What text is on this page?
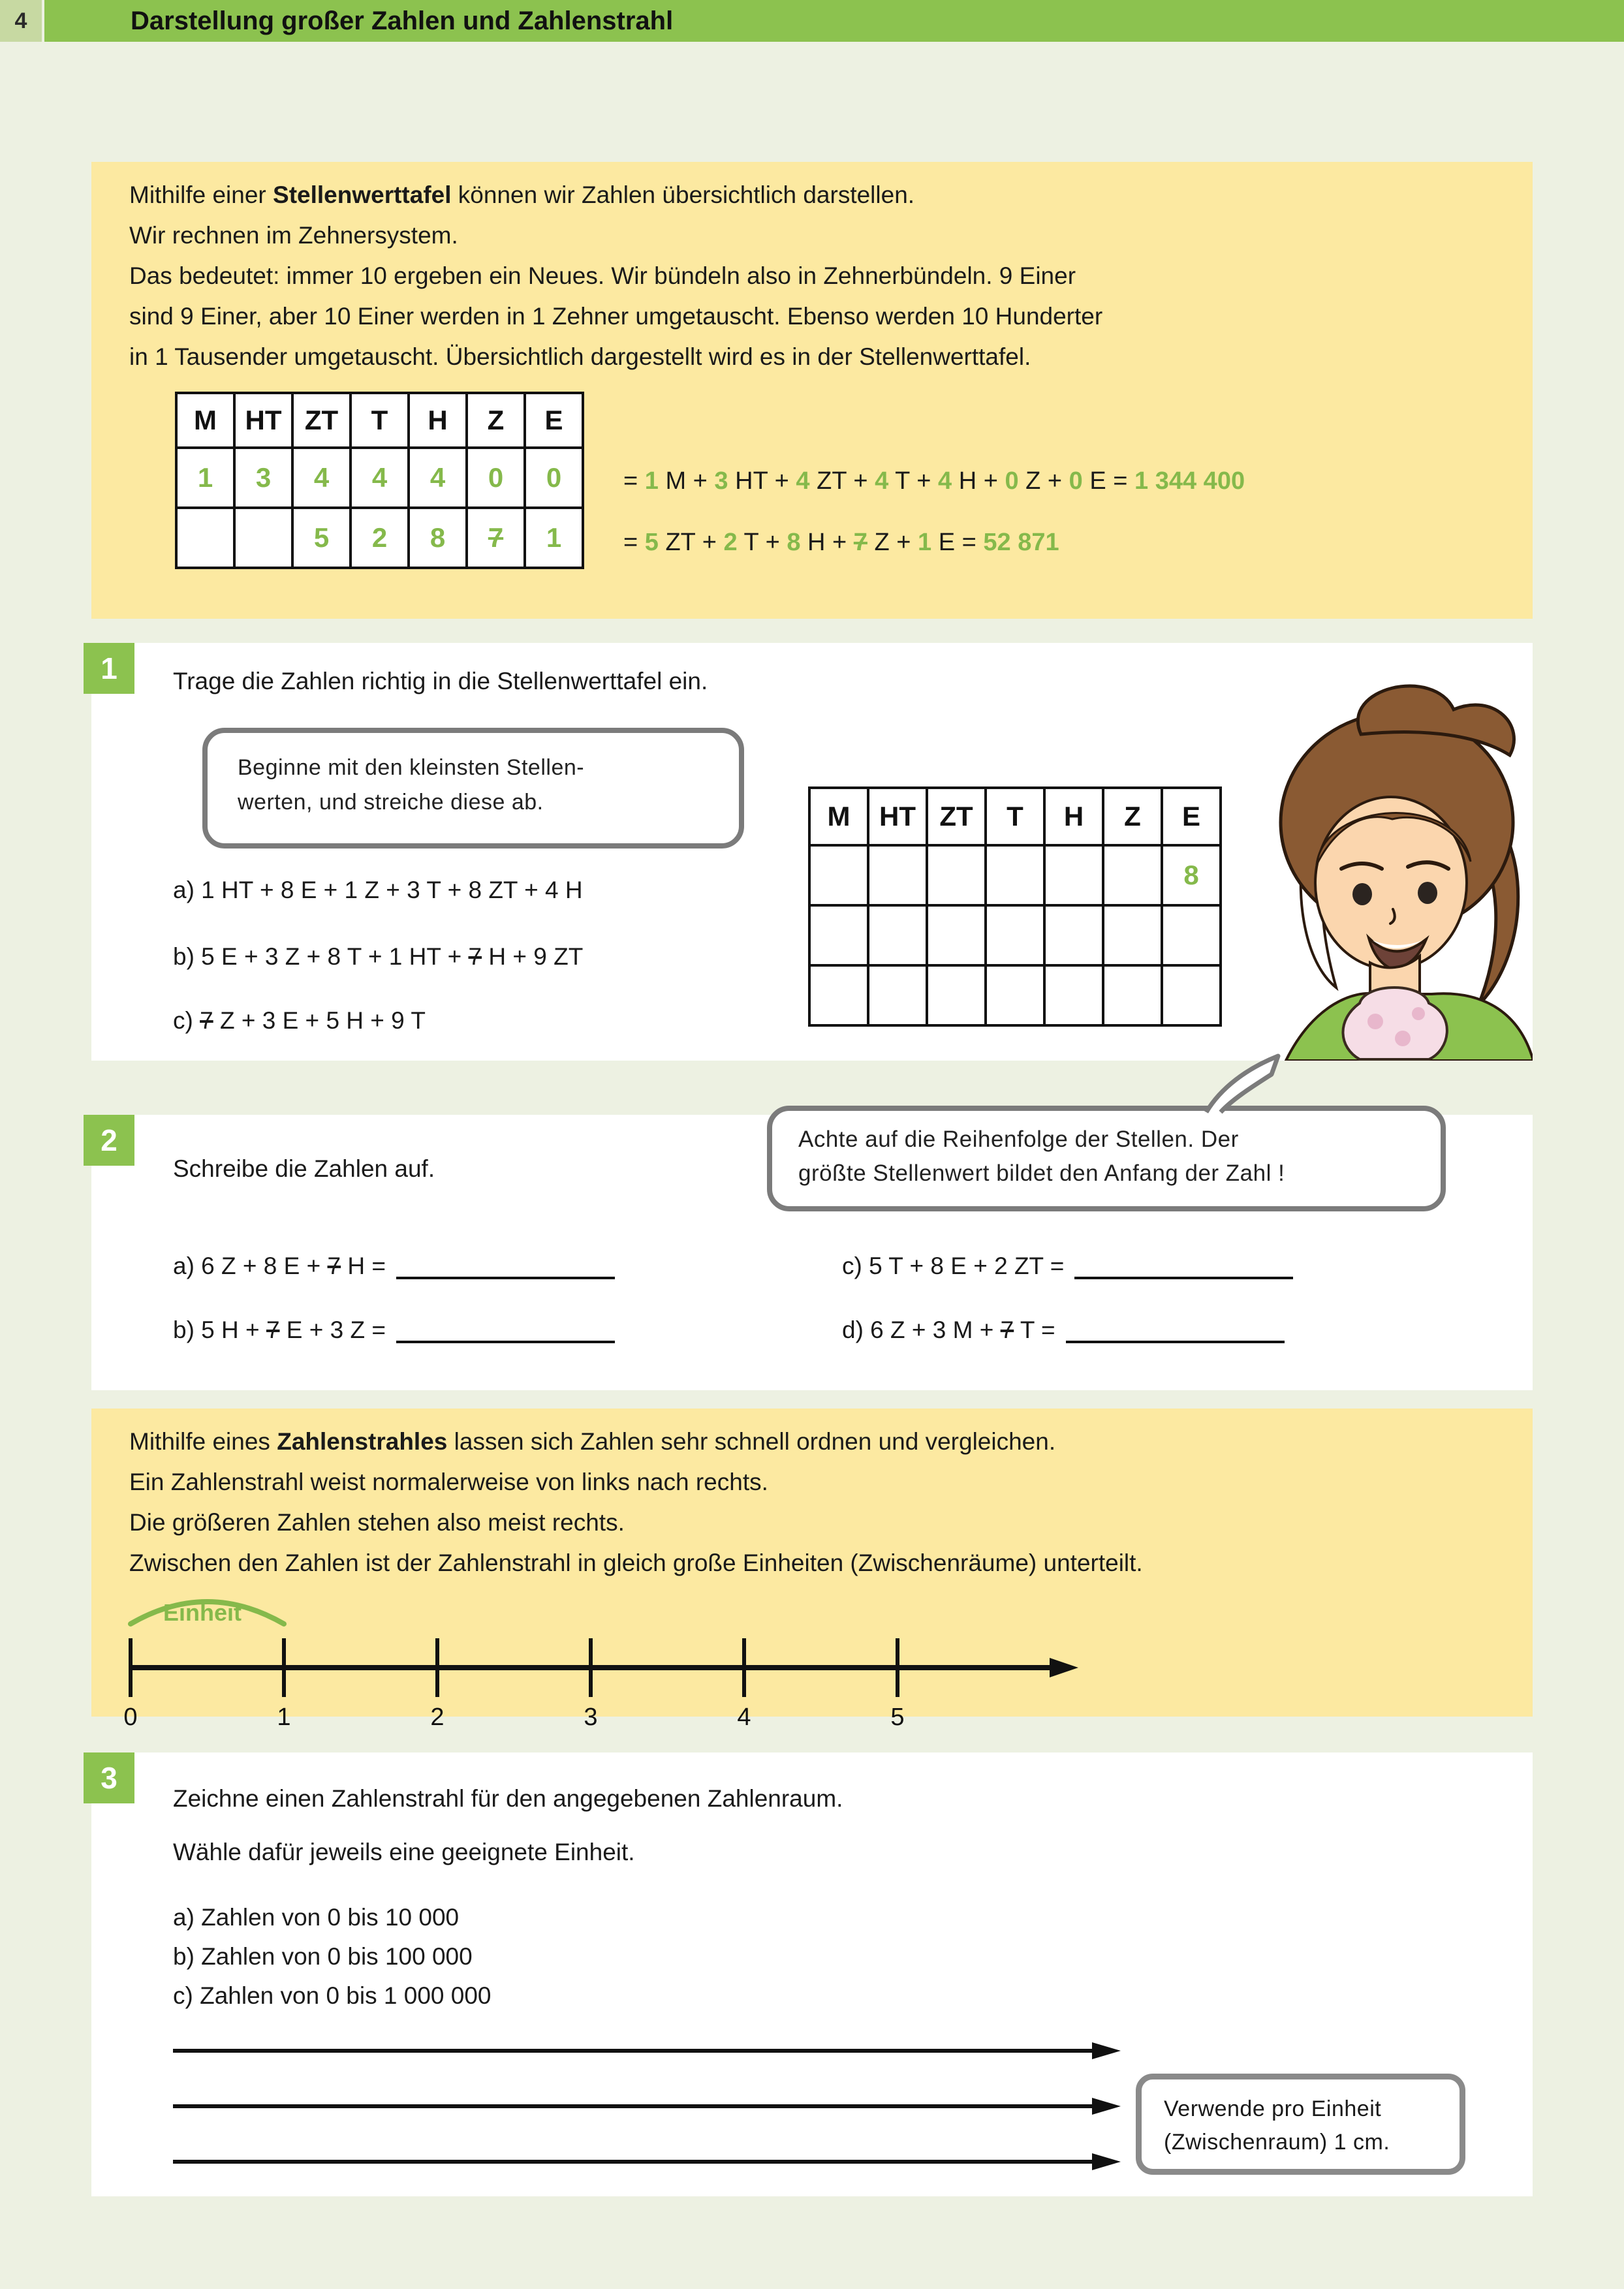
4	Darstellung großer Zahlen und Zahlenstrahl
Mithilfe einer Stellenwerttafel können wir Zahlen übersichtlich darstellen.
Wir rechnen im Zehnersystem.
Das bedeutet: immer 10 ergeben ein Neues. Wir bündeln also in Zehnerbündeln. 9 Einer
sind 9 Einer, aber 10 Einer werden in 1 Zehner umgetauscht. Ebenso werden 10 Hunderter
in 1 Tausender umgetauscht. Übersichtlich dargestellt wird es in der Stellenwerttafel.
M	HT	ZT	T	H	Z	E
1	3	4	4	4	0	0
		5	2	8	7	1
= 1 M + 3 HT + 4 ZT + 4 T + 4 H + 0 Z + 0 E = 1 344 400
= 5 ZT + 2 T + 8 H + 7 Z + 1 E = 52 871
1 Trage die Zahlen richtig in die Stellenwerttafel ein.
Beginne mit den kleinsten Stellen-
werten, und streiche diese ab.
a) 1 HT + 8 E + 1 Z + 3 T + 8 ZT + 4 H
b) 5 E + 3 Z + 8 T + 1 HT + 7 H + 9 ZT
c) 7 Z + 3 E + 5 H + 9 T
M	HT	ZT	T	H	Z	E
						8

2
Schreibe die Zahlen auf.
Achte auf die Reihenfolge der Stellen. Der
größte Stellenwert bildet den Anfang der Zahl !
a) 6 Z + 8 E + 7 H =
b) 5 H + 7 E + 3 Z =
c) 5 T + 8 E + 2 ZT =
d) 6 Z + 3 M + 7 T =
Mithilfe eines Zahlenstrahles lassen sich Zahlen sehr schnell ordnen und vergleichen.
Ein Zahlenstrahl weist normalerweise von links nach rechts.
Die größeren Zahlen stehen also meist rechts.
Zwischen den Zahlen ist der Zahlenstrahl in gleich große Einheiten (Zwischenräume) unterteilt.
Einheit
0	1	2	3	4	5
3
Zeichne einen Zahlenstrahl für den angegebenen Zahlenraum.
Wähle dafür jeweils eine geeignete Einheit.
a) Zahlen von 0 bis 10 000
b) Zahlen von 0 bis 100 000
c) Zahlen von 0 bis 1 000 000
Verwende pro Einheit
(Zwischenraum) 1 cm.
